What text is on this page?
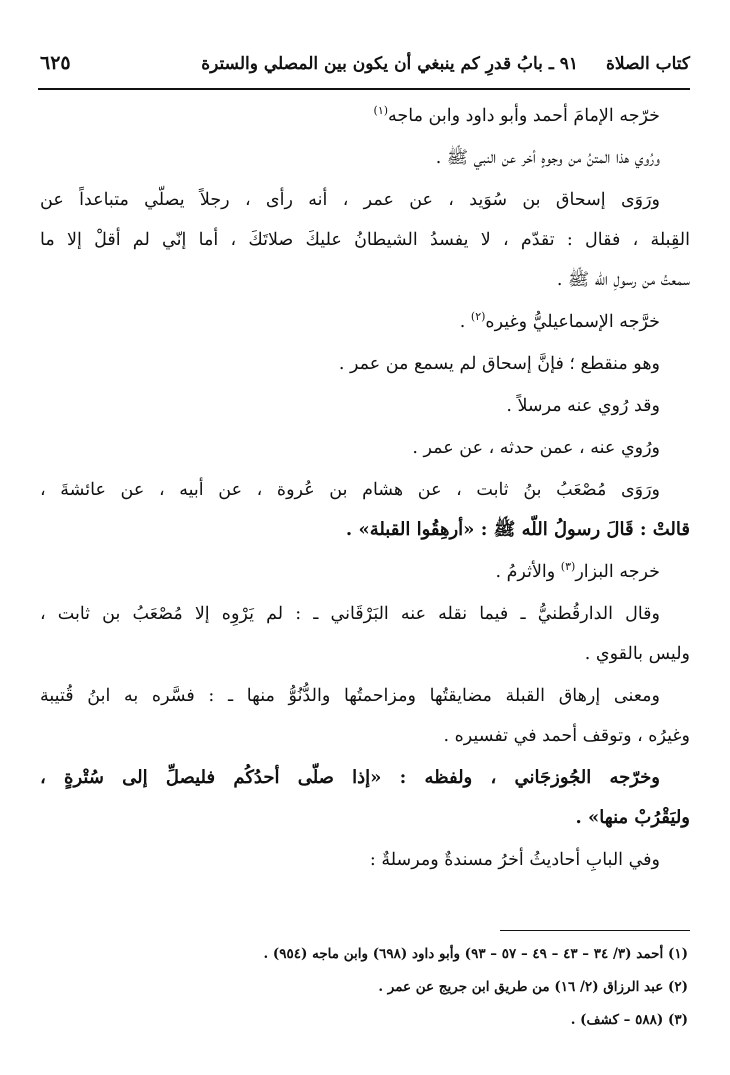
كتاب الصلاة
٩١ ـ بابُ قدرِ كم ينبغي أن يكون بين المصلي والسترة
٦٢٥

خرّجه الإمامَ أحمد وأبو داود وابن ماجه$^{(١)}$

ورُوي هذا المتنُ من وجوهٍ أخر عن النبي ﷺ .

ورَوَى إسحاق بن سُوَيد ، عن عمر ، أنه رأى ، رجلاً يصلّي متباعداً عن
القِبلة ، فقال : تقدّم ، لا يفسدُ الشيطانُ عليكَ صلاتَكَ ، أما إنّي لم أقلْ إلا ما
سمعتُ من رسولِ اللّه ﷺ .

خرَّجه الإسماعيليُّ وغيره$^{(٢)}$ .

وهو منقطع ؛ فإنَّ إسحاق لم يسمع من عمر .

وقد رُوي عنه مرسلاً .

ورُوي عنه ، عمن حدثه ، عن عمر .

ورَوَى مُصْعَبُ بنُ ثابت ، عن هشام بن عُروة ، عن أبيه ، عن عائشةَ ،
قالتْ : قَالَ رسولُ اللّه ﷺ : «أرهِقُوا القبلة» .

خرجه البزار$^{(٣)}$ والأثرمُ .

وقال الدارقُطنيُّ ـ فيما نقله عنه البَرْقَاني ـ : لم يَرْوِه إلا مُصْعَبُ بن ثابت ،
وليس بالقوي .

ومعنى إرهاق القبلة مضايقتُها ومزاحمتُها والدُّنُوُّ منها ـ : فسَّره به ابنُ قُتيبة
وغيرُه ، وتوقف أحمد في تفسيره .

وخرّجه الجُوزجَاني ، ولفظه : «إذا صلّى أحدُكُم فليصلِّ إلى سُتْرةٍ ،
وليَقْرُبْ منها» .

وفي البابِ أحاديثُ أخرُ مسندةٌ ومرسلةٌ :

(١) أحمد (٣/ ٣٤ – ٤٣ – ٤٩ – ٥٧ – ٩٣) وأبو داود (٦٩٨) وابن ماجه (٩٥٤) .

(٢) عبد الرزاق (٢/ ١٦) من طريق ابن جريج عن عمر .

(٣) (٥٨٨ – كشف) .
